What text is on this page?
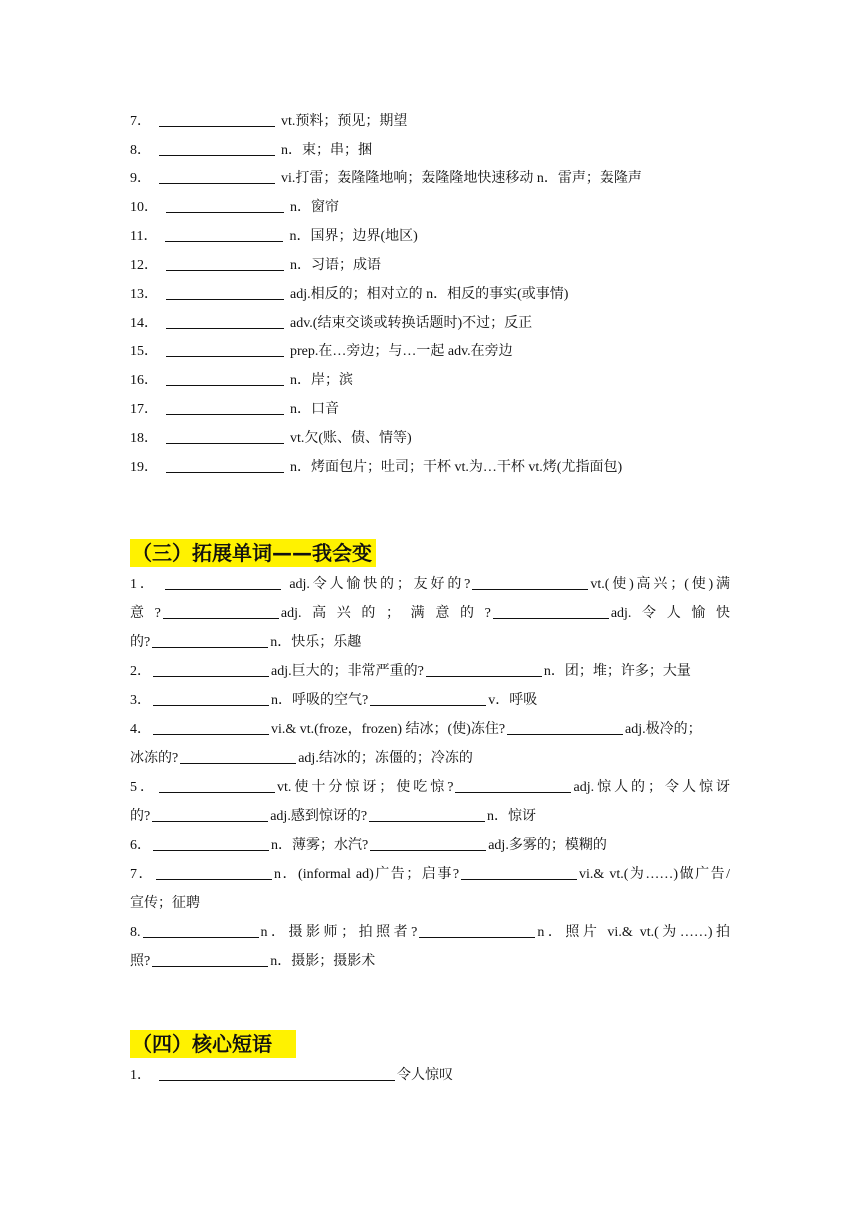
7．	vt.预料；预见；期望
8．	n．束；串；捆
9．	vi.打雷；轰隆隆地响；轰隆隆地快速移动 n．雷声；轰隆声
10．	n．窗帘
11．	n．国界；边界(地区)
12．	n．习语；成语
13．	adj.相反的；相对立的 n．相反的事实(或事情)
14．	adv.(结束交谈或转换话题时)不过；反正
15．	prep.在…旁边；与…一起 adv.在旁边
16．	n．岸；滨
17．	n．口音
18．	vt.欠(账、债、情等)
19．	n．烤面包片；吐司；干杯 vt.为…干杯 vt.烤(尤指面包)
（三）拓展单词——我会变
1．	adj.令人愉快的；友好的?	vt.(使)高兴；(使)满
意?	adj.高兴的；满意的?	adj.令人愉快
的?	n．快乐；乐趣
2．	adj.巨大的；非常严重的?	n．团；堆；许多；大量
3．	n．呼吸的空气?	v．呼吸
4．	vi.& vt.(froze，frozen) 结冰；(使)冻住?	adj.极冷的；
冰冻的?	adj.结冰的；冻僵的；冷冻的
5．	vt.使十分惊讶；使吃惊?	adj.惊人的；令人惊讶
的?	adj.感到惊讶的?	n．惊讶
6．	n．薄雾；水汽?	adj.多雾的；模糊的
7．	n．(informal ad)广告；启事?	vi.& vt.(为……)做广告/
宣传；征聘
8.	n．摄影师；拍照者?	n．照片 vi.& vt.(为……)拍
照?	n．摄影；摄影术
（四）核心短语
1．	令人惊叹
